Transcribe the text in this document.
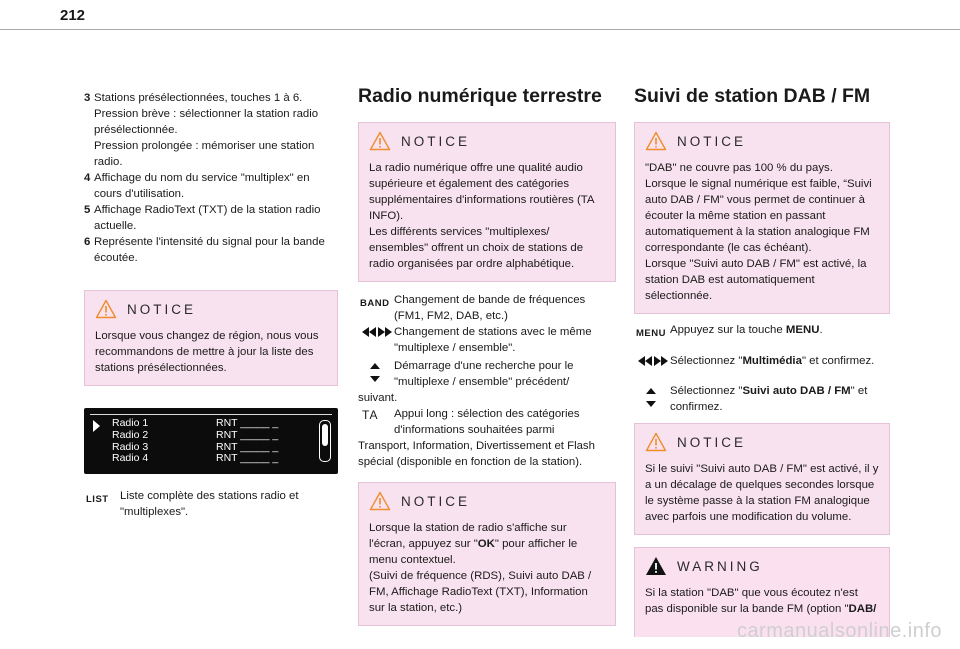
212
3 Stations présélectionnées, touches 1 à 6.
Pression brève : sélectionner la station radio présélectionnée.
Pression prolongée : mémoriser une station radio.
4 Affichage du nom du service "multiplex" en cours d'utilisation.
5 Affichage RadioText (TXT) de la station radio actuelle.
6 Représente l'intensité du signal pour la bande écoutée.
NOTICE
Lorsque vous changez de région, nous vous recommandons de mettre à jour la liste des stations présélectionnées.
Radio 1	RNT _____ _
Radio 2	RNT _____ _
Radio 3	RNT _____ _
Radio 4	RNT _____ _
LIST Liste complète des stations radio et "multiplexes".
Radio numérique terrestre
NOTICE
La radio numérique offre une qualité audio supérieure et également des catégories supplémentaires d'informations routières (TA INFO).
Les différents services "multiplexes/ ensembles" offrent un choix de stations de radio organisées par ordre alphabétique.
BAND Changement de bande de fréquences (FM1, FM2, DAB, etc.)
Changement de stations avec le même "multiplexe / ensemble".
Démarrage d'une recherche pour le "multiplexe / ensemble" précédent/
suivant.
TA Appui long : sélection des catégories d'informations souhaitées parmi
Transport, Information, Divertissement et Flash spécial (disponible en fonction de la station).
NOTICE
Lorsque la station de radio s'affiche sur l'écran, appuyez sur "OK" pour afficher le menu contextuel.
(Suivi de fréquence (RDS), Suivi auto DAB / FM, Affichage RadioText (TXT), Information sur la station, etc.)
Suivi de station DAB / FM
NOTICE
"DAB" ne couvre pas 100 % du pays.
Lorsque le signal numérique est faible, “Suivi auto DAB / FM" vous permet de continuer à écouter la même station en passant automatiquement à la station analogique FM correspondante (le cas échéant).
Lorsque "Suivi auto DAB / FM" est activé, la station DAB est automatiquement sélectionnée.
MENU Appuyez sur la touche MENU.
Sélectionnez "Multimédia" et confirmez.
Sélectionnez "Suivi auto DAB / FM" et confirmez.
NOTICE
Si le suivi "Suivi auto DAB / FM" est activé, il y a un décalage de quelques secondes lorsque le système passe à la station FM analogique avec parfois une modification du volume.
WARNING
Si la station "DAB" que vous écoutez n'est pas disponible sur la bande FM (option "DAB/
carmanualsonline.info
